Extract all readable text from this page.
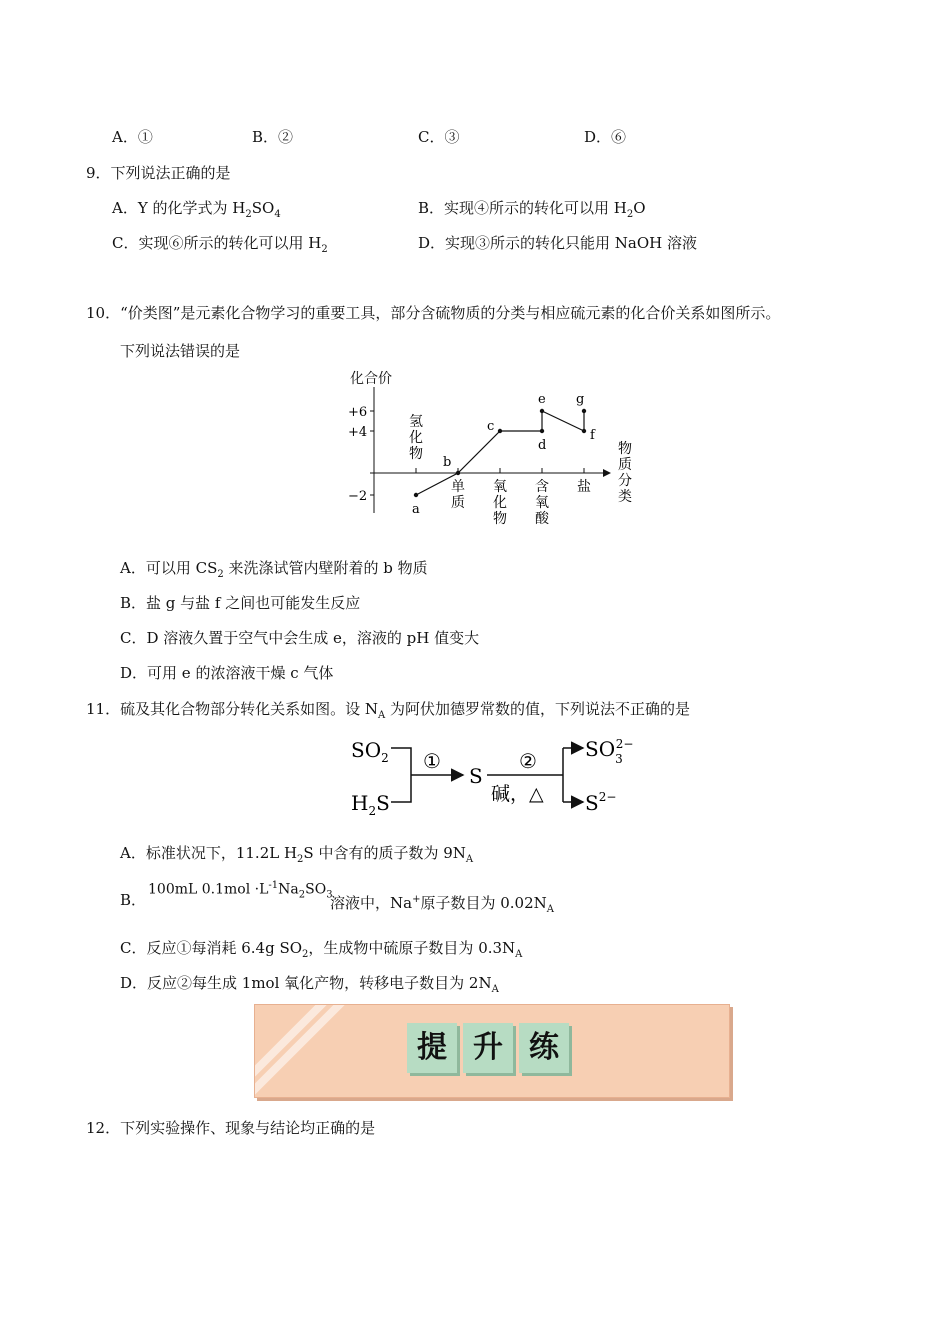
A．①	B．②	C．③	D．⑥
9．下列说法正确的是
A．Y 的化学式为 $H_2SO_4$	B．实现④所示的转化可以用 $H_2O$
C．实现⑥所示的转化可以用 $H_2$	D．实现③所示的转化只能用 NaOH 溶液
10．“价类图”是元素化合物学习的重要工具，部分含硫物质的分类与相应硫元素的化合价关系如图所示。
下列说法错误的是
化合价
+6
+4
−2
氢化物
单质
氧化物
含氧酸
盐
物质分类
a
b
c
d
e
f
g
A．可以用 $CS_2$ 来洗涤试管内壁附着的 b 物质
B．盐 g 与盐 f 之间也可能发生反应
C．D 溶液久置于空气中会生成 e，溶液的 pH 值变大
D．可用 e 的浓溶液干燥 c 气体
11．硫及其化合物部分转化关系如图。设 $N_A$ 为阿伏加德罗常数的值，下列说法不正确的是
$SO_2$
$H_2S$
①
S
②
碱，△
$SO_32-$
$S^{2-}$
A．标准状况下，11.2L $H_2S$ 中含有的质子数为 $9N_A$
B．
100mL $0.1mol \cdot L^{-1}Na_2SO_3$
溶液中，Na+原子数目为 $0.02N_A$
C．反应①每消耗 6.4g $SO_2$，生成物中硫原子数目为 $0.3N_A$
D．反应②每生成 1mol 氧化产物，转移电子数目为 $2N_A$
提 升 练
12．下列实验操作、现象与结论均正确的是
